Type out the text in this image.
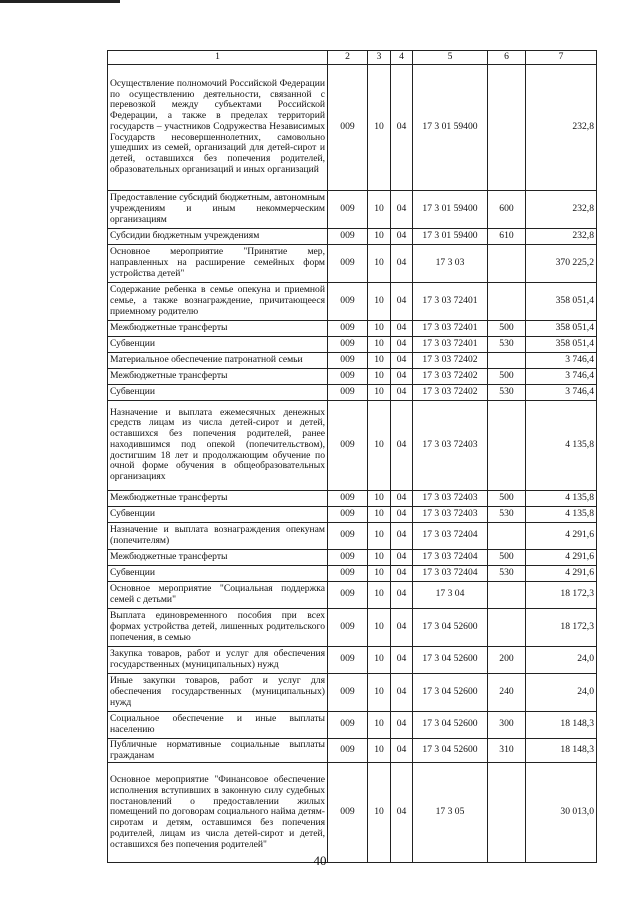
1	2	3	4	5	6	7
Осуществление полномочий Российской Федерации по осуществлению деятельности, связанной с перевозкой между субъектами Российской Федерации, а также в пределах территорий государств – участников Содружества Независимых Государств несовершеннолетних, самовольно ушедших из семей, организаций для детей-сирот и детей, оставшихся без попечения родителей, образовательных организаций и иных организаций	009	10	04	17 3 01 59400		232,8
Предоставление субсидий бюджетным, автономным учреждениям и иным некоммерческим организациям	009	10	04	17 3 01 59400	600	232,8
Субсидии бюджетным учреждениям	009	10	04	17 3 01 59400	610	232,8
Основное мероприятие "Принятие мер, направленных на расширение семейных форм устройства детей"	009	10	04	17 3 03		370 225,2
Содержание ребенка в семье опекуна и приемной семье, а также вознаграждение, причитающееся приемному родителю	009	10	04	17 3 03 72401		358 051,4
Межбюджетные трансферты	009	10	04	17 3 03 72401	500	358 051,4
Субвенции	009	10	04	17 3 03 72401	530	358 051,4
Материальное обеспечение патронатной семьи	009	10	04	17 3 03 72402		3 746,4
Межбюджетные трансферты	009	10	04	17 3 03 72402	500	3 746,4
Субвенции	009	10	04	17 3 03 72402	530	3 746,4
Назначение и выплата ежемесячных денежных средств лицам из числа детей-сирот и детей, оставшихся без попечения родителей, ранее находившимся под опекой (попечительством), достигшим 18 лет и продолжающим обучение по очной форме обучения в общеобразовательных организациях	009	10	04	17 3 03 72403		4 135,8
Межбюджетные трансферты	009	10	04	17 3 03 72403	500	4 135,8
Субвенции	009	10	04	17 3 03 72403	530	4 135,8
Назначение и выплата вознаграждения опекунам (попечителям)	009	10	04	17 3 03 72404		4 291,6
Межбюджетные трансферты	009	10	04	17 3 03 72404	500	4 291,6
Субвенции	009	10	04	17 3 03 72404	530	4 291,6
Основное мероприятие "Социальная поддержка семей с детьми"	009	10	04	17 3 04		18 172,3
Выплата единовременного пособия при всех формах устройства детей, лишенных родительского попечения, в семью	009	10	04	17 3 04 52600		18 172,3
Закупка товаров, работ и услуг для обеспечения государственных (муниципальных) нужд	009	10	04	17 3 04 52600	200	24,0
Иные закупки товаров, работ и услуг для обеспечения государственных (муниципальных) нужд	009	10	04	17 3 04 52600	240	24,0
Социальное обеспечение и иные выплаты населению	009	10	04	17 3 04 52600	300	18 148,3
Публичные нормативные социальные выплаты гражданам	009	10	04	17 3 04 52600	310	18 148,3
Основное мероприятие "Финансовое обеспечение исполнения вступивших в законную силу судебных постановлений о предоставлении жилых помещений по договорам социального найма детям-сиротам и детям, оставшимся без попечения родителей, лицам из числа детей-сирот и детей, оставшихся без попечения родителей"	009	10	04	17 3 05		30 013,0
40
